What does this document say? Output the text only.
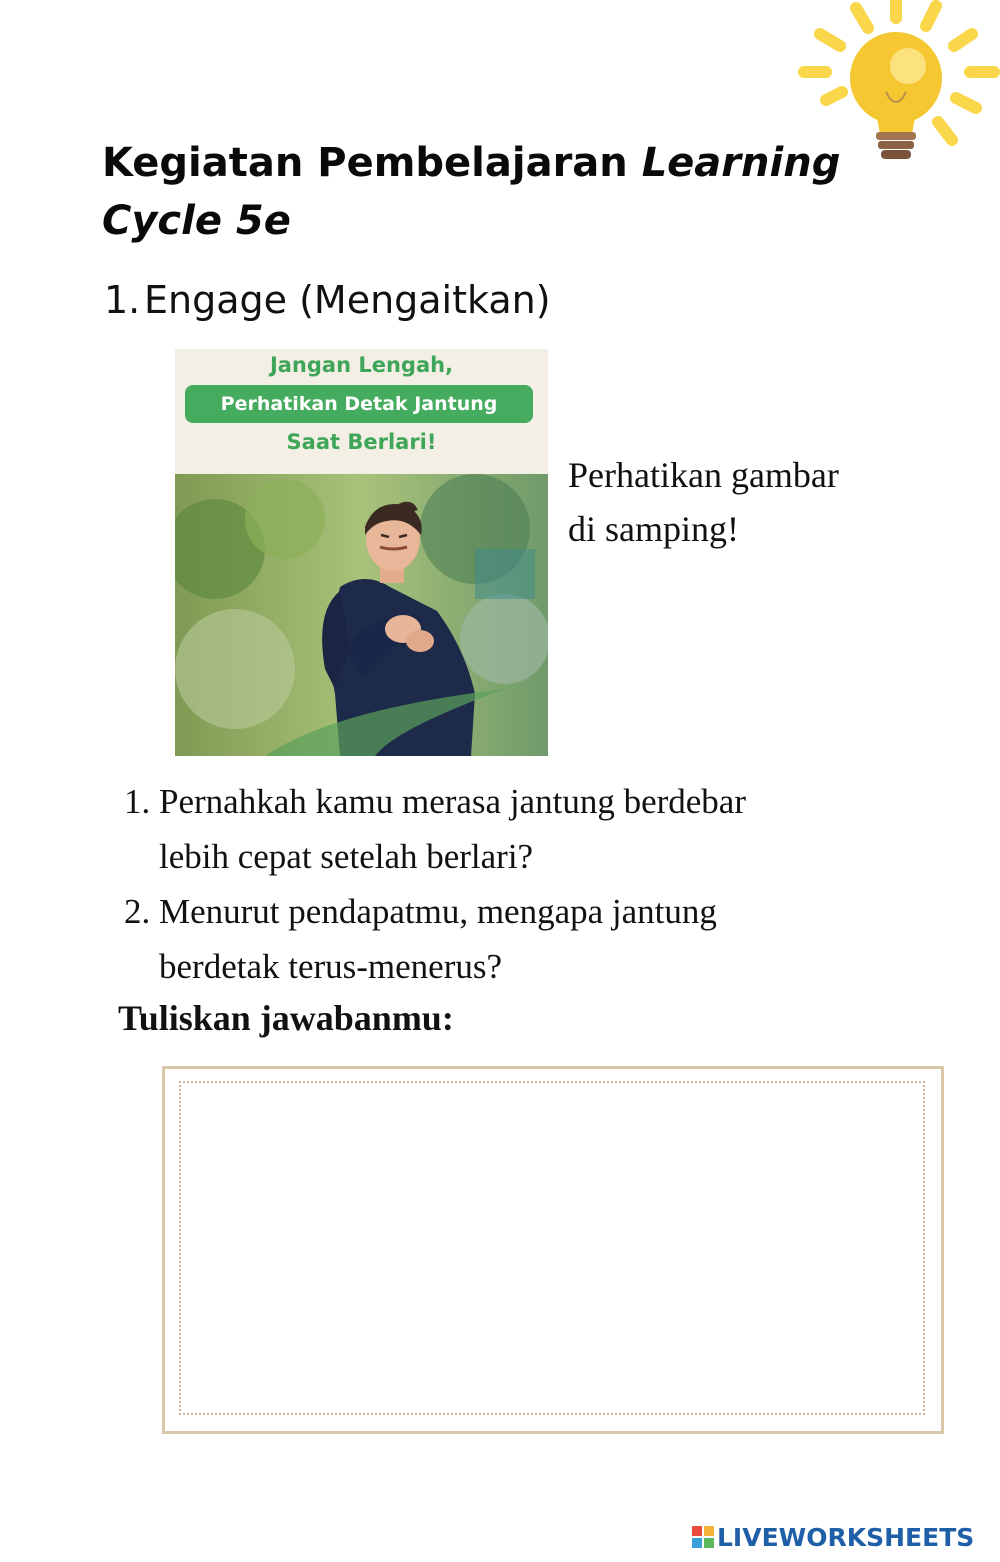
Kegiatan Pembelajaran Learning Cycle 5e
1.Engage (Mengaitkan)
Jangan Lengah,
Perhatikan Detak Jantung
Saat Berlari!
Perhatikan gambar
di samping!
1. Pernahkah kamu merasa jantung berdebar
lebih cepat setelah berlari?
2. Menurut pendapatmu, mengapa jantung
berdetak terus-menerus?
Tuliskan jawabanmu:
LIVEWORKSHEETS
